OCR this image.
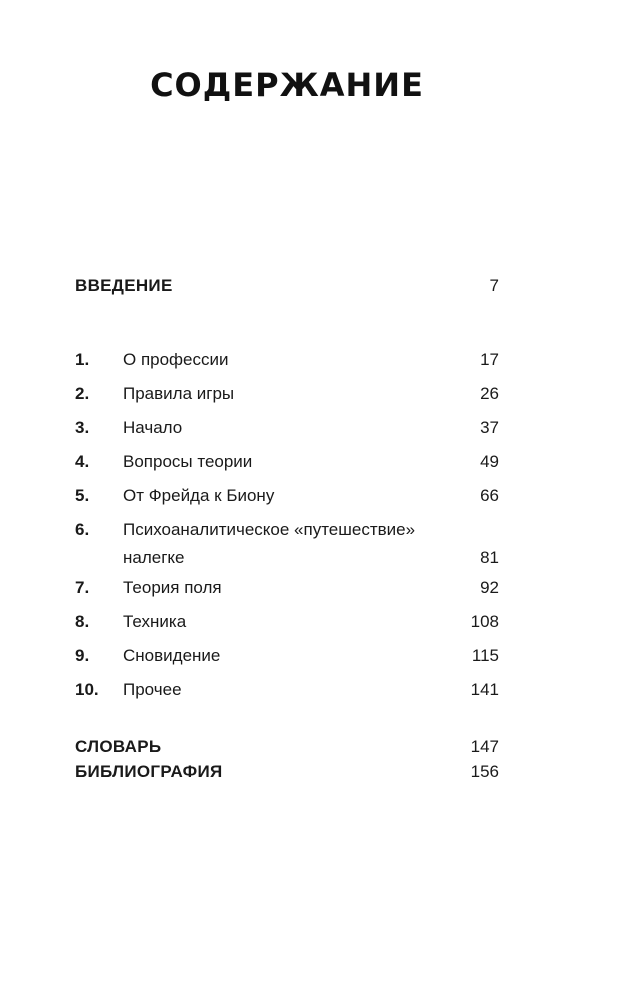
СОДЕРЖАНИЕ
ВВЕДЕНИЕ	7
1. О профессии	17
2. Правила игры	26
3. Начало	37
4. Вопросы теории	49
5. От Фрейда к Биону	66
6. Психоаналитическое «путешествие»
налегке	81
7. Теория поля	92
8. Техника	108
9. Сновидение	115
10. Прочее	141
СЛОВАРЬ	147
БИБЛИОГРАФИЯ	156
